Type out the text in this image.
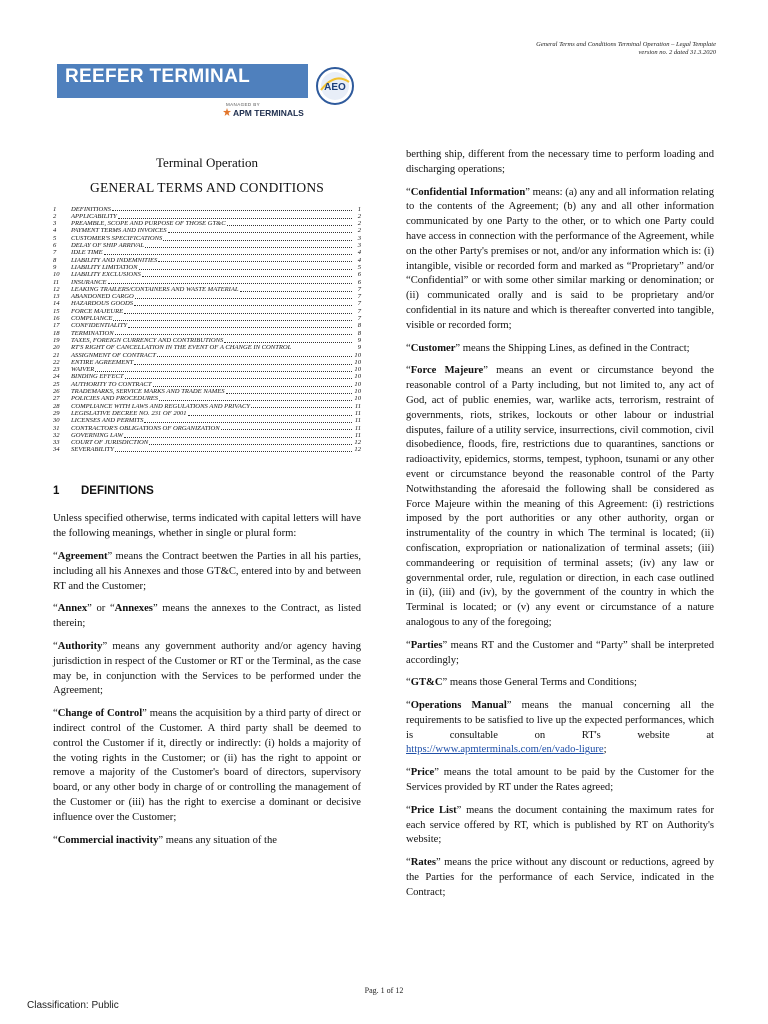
General Terms and Conditions Terminal Operation – Legal Template
version no. 2 dated 31.3.2020
REEFER TERMINAL
MANAGED BY
APM TERMINALS
AEO
Terminal Operation
GENERAL TERMS AND CONDITIONS
1	DEFINITIONS	1
2	APPLICABILITY	2
3	PREAMBLE, SCOPE AND PURPOSE OF THOSE GT&C	2
4	PAYMENT TERMS AND INVOICES	2
5	CUSTOMER'S SPECIFICATIONS	3
6	DELAY OF SHIP ARRIVAL	3
7	IDLE TIME	4
8	LIABILITY AND INDEMNITIES	4
9	LIABILITY LIMITATION	5
10	LIABILITY EXCLUSIONS	6
11	INSURANCE	6
12	LEAKING TRAILERS/CONTAINERS AND WASTE MATERIAL	7
13	ABANDONED CARGO	7
14	HAZARDOUS GOODS	7
15	FORCE MAJEURE	7
16	COMPLIANCE	7
17	CONFIDENTIALITY	8
18	TERMINATION	8
19	TAXES, FOREIGN CURRENCY AND CONTRIBUTIONS	9
20	RT'S RIGHT OF CANCELLATION IN THE EVENT OF A CHANGE IN CONTROL	9
21	ASSIGNMENT OF CONTRACT	10
22	ENTIRE AGREEMENT	10
23	WAIVER	10
24	BINDING EFFECT	10
25	AUTHORITY TO CONTRACT	10
26	TRADEMARKS, SERVICE MARKS AND TRADE NAMES	10
27	POLICIES AND PROCEDURES	10
28	COMPLIANCE WITH LAWS AND REGULATIONS AND PRIVACY	11
29	LEGISLATIVE DECREE NO. 231 OF 2001	11
30	LICENSES AND PERMITS	11
31	CONTRACTOR'S OBLIGATIONS OF ORGANIZATION	11
32	GOVERNING LAW	11
33	COURT OF JURISDICTION	12
34	SEVERABILITY	12
1	DEFINITIONS

Unless specified otherwise, terms indicated with capital letters will have the following meanings, whether in single or plural form:

“Agreement” means the Contract beetwen the Parties in all his parties, including all his Annexes and those GT&C, entered into by and between RT and the Customer;

“Annex” or “Annexes” means the annexes to the Contract, as listed therein;

“Authority” means any government authority and/or agency having jurisdiction in respect of the Customer or RT or the Terminal, as the case may be, in conjunction with the Services to be performed under the Agreement;

“Change of Control” means the acquisition by a third party of direct or indirect control of the Customer. A third party shall be deemed to control the Customer if it, directly or indirectly: (i) holds a majority of the voting rights in the Customer; or (ii) has the right to appoint or remove a majority of the Customer's board of directors, supervisory board, or any other body in charge of or controlling the management of the Customer or (iii) has the right to exercise a dominant or decisive influence over the Customer;

“Commercial inactivity” means any situation of the

berthing ship, different from the necessary time to perform loading and discharging operations;

“Confidential Information” means: (a) any and all information relating to the contents of the Agreement; (b) any and all other information communicated by one Party to the other, or to which one Party could have access in connection with the performance of the Agreement, while on the other Party's premises or not, and/or any information which is: (i) intangible, visible or recorded form and marked as “Proprietary” and/or “Confidential” or with some other similar marking or denomination; or (ii) communicated orally and is said to be proprietary and/or confidential in its nature and which is thereafter converted into tangible, visible or recorded form;

“Customer” means the Shipping Lines, as defined in the Contract;

“Force Majeure” means an event or circumstance beyond the reasonable control of a Party including, but not limited to, any act of God, act of public enemies, war, warlike acts, terrorism, restraint of governments, riots, strikes, lockouts or other labour or industrial disputes, failure of a utility service, insurrections, civil commotion, civil disobedience, floods, fire, restrictions due to quarantines, sanctions or radioactivity, epidemics, storms, tempest, typhoon, tsunami or any other event or circumstance beyond the reasonable control of the Party Notwithstanding the aforesaid the following shall be considered as Force Majeure within the meaning of this Agreement: (i) restrictions imposed by the port authorities or any other authority, organ or instrumentality of the country in which The terminal is located; (ii) confiscation, expropriation or nationalization of terminal assets; (iii) commandeering or requisition of terminal assets; (iv) any law or governmental order, rule, regulation or direction, in each case outlined in (ii), (iii) and (iv), by the government of the country in which the Terminal is located; or (v) any event or circumstance of a nature analogous to any of the foregoing;

“Parties” means RT and the Customer and “Party” shall be interpreted accordingly;

“GT&C” means those General Terms and Conditions;

“Operations Manual” means the manual concerning all the requirements to be satisfied to live up the expected performances, which is consultable on RT's website at https://www.apmterminals.com/en/vado-ligure;

“Price” means the total amount to be paid by the Customer for the Services provided by RT under the Rates agreed;

“Price List” means the document containing the maximum rates for each service offered by RT, which is published by RT on Authority's website;

“Rates” means the price without any discount or reductions, agreed by the Parties for the performance of each Service, indicated in the Contract;

Pag. 1 of 12
Classification: Public
